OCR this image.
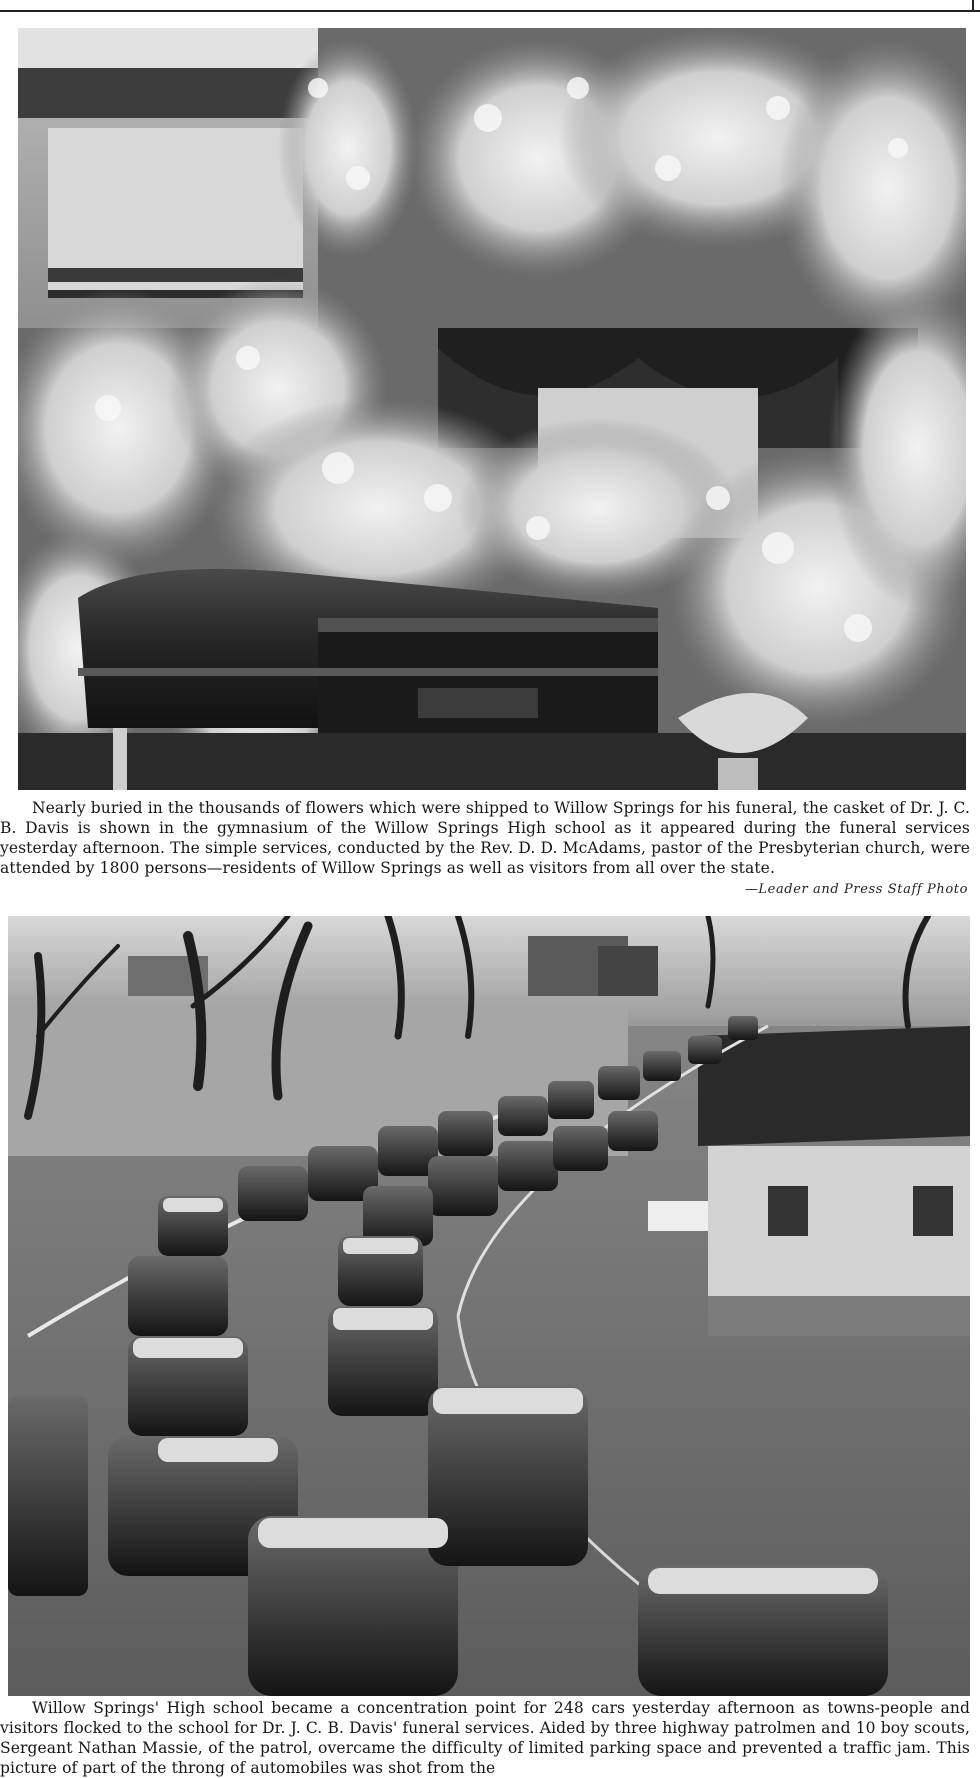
Nearly buried in the thousands of flowers which were shipped to Willow Springs for his funeral, the casket of Dr. J. C. B. Davis is shown in the gymnasium of the Willow Springs High school as it appeared during the funeral services yesterday afternoon. The simple services, conducted by the Rev. D. D. McAdams, pastor of the Presbyterian church, were attended by 1800 persons—residents of Willow Springs as well as visitors from all over the state.

—Leader and Press Staff Photo

Willow Springs' High school became a concentration point for 248 cars yesterday afternoon as towns-people and visitors flocked to the school for Dr. J. C. B. Davis' funeral services. Aided by three highway patrolmen and 10 boy scouts, Sergeant Nathan Massie, of the patrol, overcame the difficulty of limited parking space and prevented a traffic jam. This picture of part of the throng of automobiles was shot from the
